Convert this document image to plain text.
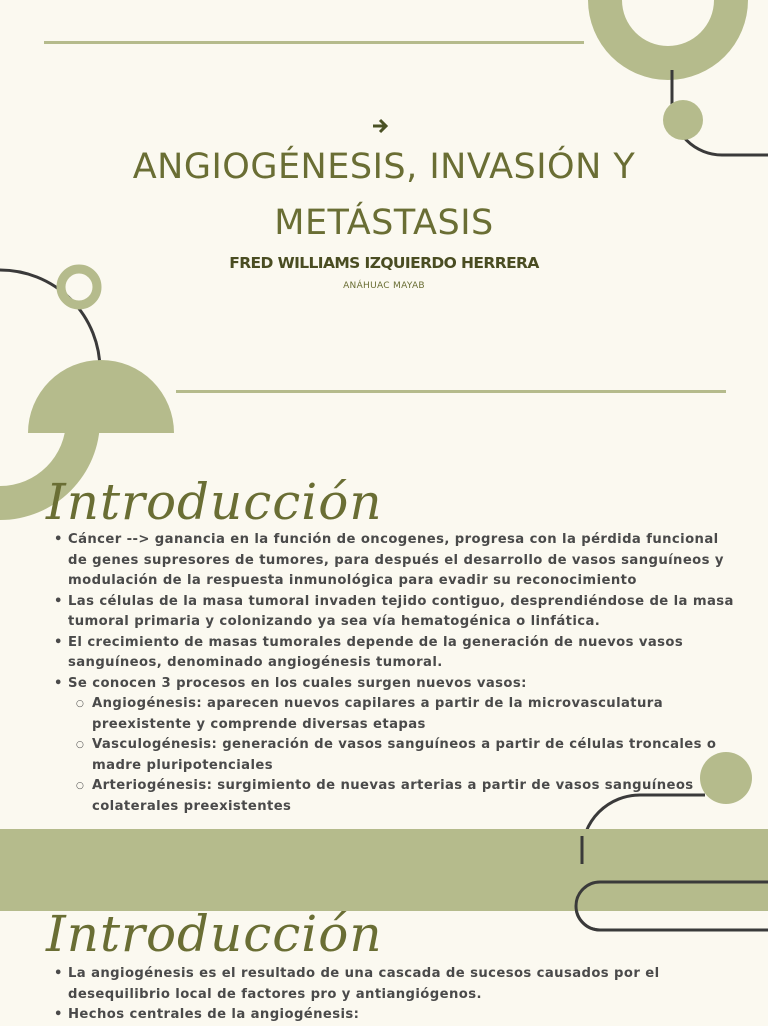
ANGIOGÉNESIS, INVASIÓN Y
METÁSTASIS
FRED WILLIAMS IZQUIERDO HERRERA
ANÁHUAC MAYAB
Introducción
• Cáncer --> ganancia en la función de oncogenes, progresa con la pérdida funcional de genes supresores de tumores, para después el desarrollo de vasos sanguíneos y modulación de la respuesta inmunológica para evadir su reconocimiento
• Las células de la masa tumoral invaden tejido contiguo, desprendiéndose de la masa tumoral primaria y colonizando ya sea vía hematogénica o linfática.
• El crecimiento de masas tumorales depende de la generación de nuevos vasos sanguíneos, denominado angiogénesis tumoral.
• Se conocen 3 procesos en los cuales surgen nuevos vasos:
○ Angiogénesis: aparecen nuevos capilares a partir de la microvasculatura preexistente y comprende diversas etapas
○ Vasculogénesis: generación de vasos sanguíneos a partir de células troncales o madre pluripotenciales
○ Arteriogénesis: surgimiento de nuevas arterias a partir de vasos sanguíneos colaterales preexistentes
Introducción
• La angiogénesis es el resultado de una cascada de sucesos causados por el desequilibrio local de factores pro y antiangiógenos.
• Hechos centrales de la angiogénesis:
